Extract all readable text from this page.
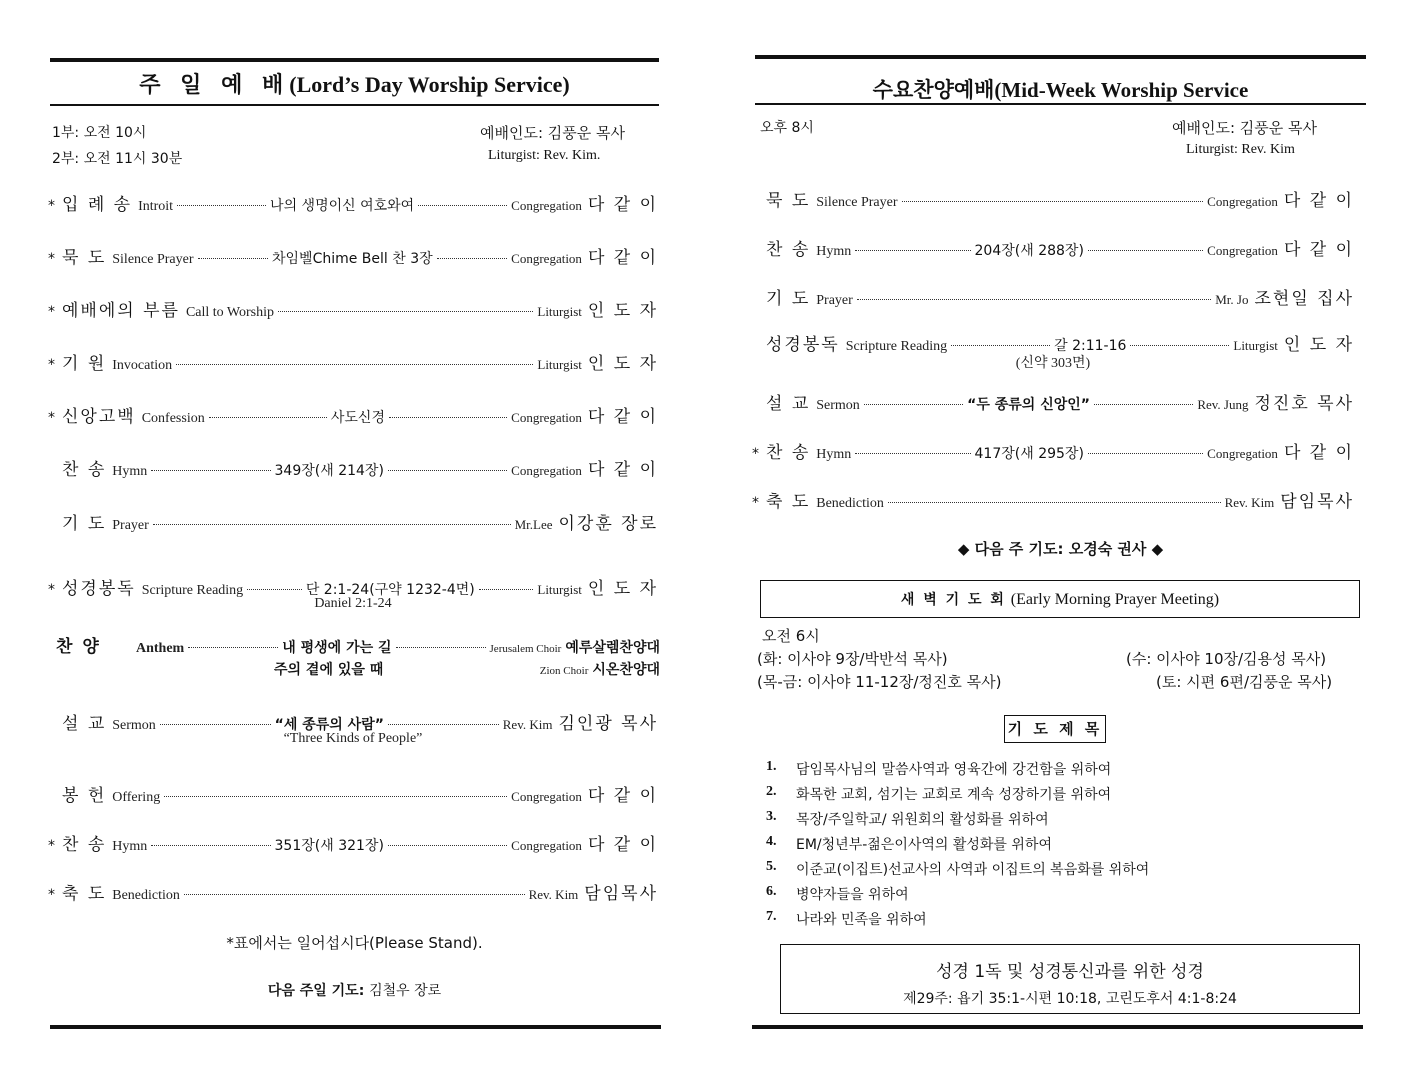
주 일 예 배(Lord’s Day Worship Service)
1부: 오전 10시
2부: 오전 11시 30분
예배인도: 김풍운 목사
Liturgist: Rev. Kim.
* 입 례 송 Introit	나의 생명이신 여호와여	Congregation 다 같 이
* 묵 도 Silence Prayer	차임벨Chime Bell 찬 3장	Congregation 다 같 이
* 예배에의 부름 Call to Worship	Liturgist 인 도 자
* 기 원 Invocation	Liturgist 인 도 자
* 신앙고백 Confession	사도신경	Congregation 다 같 이
찬 송 Hymn	349장(새 214장)	Congregation 다 같 이
기 도 Prayer	Mr.Lee 이강훈 장로
* 성경봉독 Scripture Reading	단 2:1-24(구약 1232-4면)	Liturgist 인 도 자
Daniel 2:1-24
찬 양	Anthem	내 평생에 가는 길	Jerusalem Choir 예루살렘찬양대
주의 곁에 있을 때	Zion Choir 시온찬양대
설 교 Sermon	“세 종류의 사람”	Rev. Kim 김인광 목사
“Three Kinds of People”
봉 헌 Offering	Congregation 다 같 이
* 찬 송 Hymn	351장(새 321장)	Congregation 다 같 이
* 축 도 Benediction	Rev. Kim 담임목사
*표에서는 일어섭시다(Please Stand).
다음 주일 기도: 김철우 장로
수요찬양예배(Mid-Week Worship Service
오후 8시	예배인도: 김풍운 목사
Liturgist: Rev. Kim
묵 도 Silence Prayer	Congregation 다 같 이
찬 송 Hymn	204장(새 288장)	Congregation 다 같 이
기 도 Prayer	Mr. Jo 조현일 집사
성경봉독 Scripture Reading	갈 2:11-16	Liturgist 인 도 자
(신약 303면)
설 교 Sermon	“두 종류의 신앙인”	Rev. Jung 정진호 목사
* 찬 송 Hymn	417장(새 295장)	Congregation 다 같 이
* 축 도 Benediction	Rev. Kim 담임목사
◆ 다음 주 기도: 오경숙 권사 ◆
새 벽 기 도 회 (Early Morning Prayer Meeting)
오전 6시
(화: 이사야 9장/박반석 목사)	(수: 이사야 10장/김용성 목사)
(목-금: 이사야 11-12장/정진호 목사)	(토: 시편 6편/김풍운 목사)
기 도 제 목
1.	담임목사님의 말씀사역과 영육간에 강건함을 위하여
2.	화목한 교회, 섬기는 교회로 계속 성장하기를 위하여
3.	목장/주일학교/ 위원회의 활성화를 위하여
4.	EM/청년부-젊은이사역의 활성화를 위하여
5.	이준교(이집트)선교사의 사역과 이집트의 복음화를 위하여
6.	병약자들을 위하여
7.	나라와 민족을 위하여
성경 1독 및 성경통신과를 위한 성경
제29주: 욥기 35:1-시편 10:18, 고린도후서 4:1-8:24
